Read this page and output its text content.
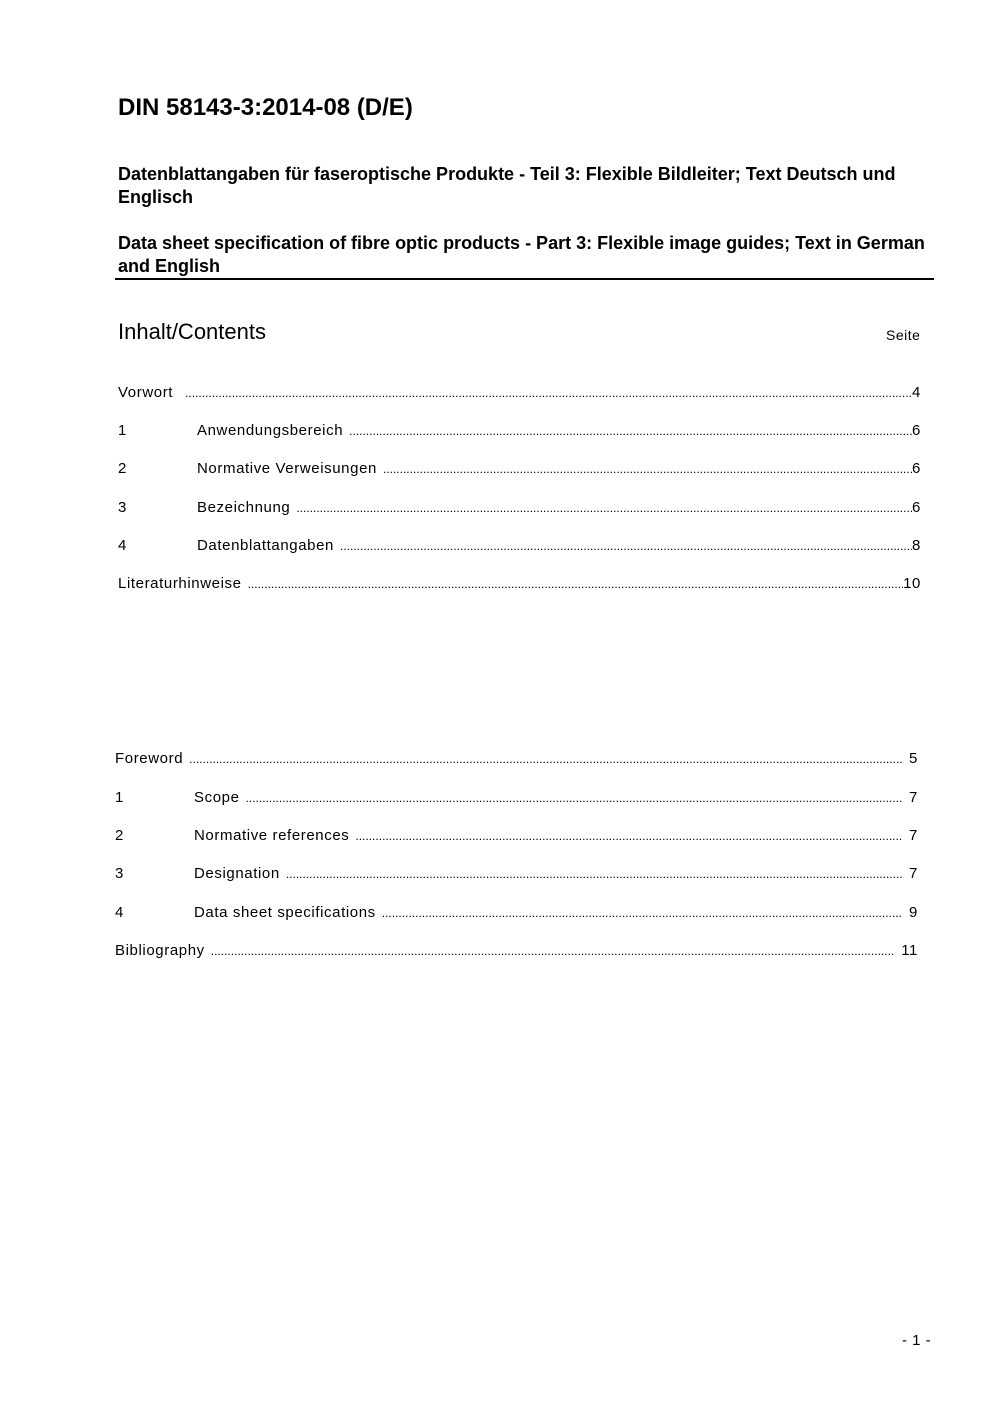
DIN 58143-3:2014-08 (D/E)
Datenblattangaben für faseroptische Produkte - Teil 3: Flexible Bildleiter; Text Deutsch und Englisch
Data sheet specification of fibre optic products - Part 3: Flexible image guides; Text in German and English
Inhalt/Contents	Seite
Vorwort .....	4
1	Anwendungsbereich .....	6
2	Normative Verweisungen .....	6
3	Bezeichnung .....	6
4	Datenblattangaben .....	8
Literaturhinweise .....	10
Foreword .....	5
1	Scope .....	7
2	Normative references .....	7
3	Designation .....	7
4	Data sheet specifications .....	9
Bibliography .....	11
- 1 -
